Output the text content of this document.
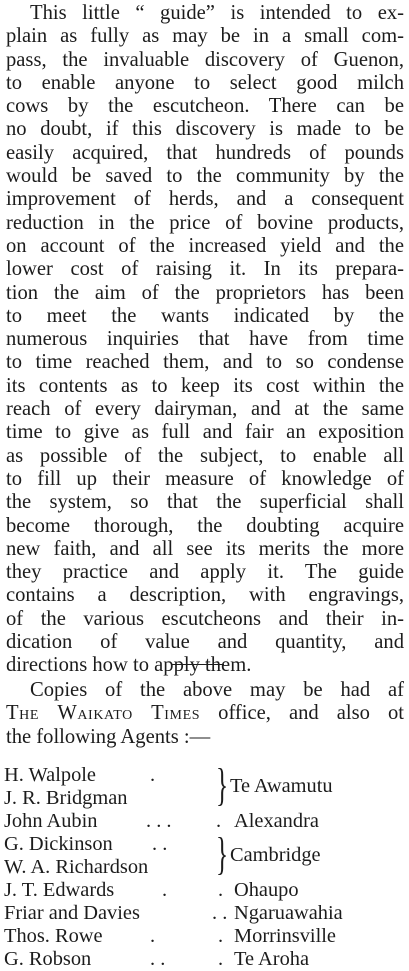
This little “ guide” is intended to ex-
plain as fully as may be in a small com-
pass, the invaluable discovery of Guenon,
to enable anyone to select good milch
cows by the escutcheon. There can be
no doubt, if this discovery is made to be
easily acquired, that hundreds of pounds
would be saved to the community by the
improvement of herds, and a consequent
reduction in the price of bovine products,
on account of the increased yield and the
lower cost of raising it. In its prepara-
tion the aim of the proprietors has been
to meet the wants indicated by the
numerous inquiries that have from time
to time reached them, and to so condense
its contents as to keep its cost within the
reach of every dairyman, and at the same
time to give as full and fair an exposition
as possible of the subject, to enable all
to fill up their measure of knowledge of
the system, so that the superficial shall
become thorough, the doubting acquire
new faith, and all see its merits the more
they practice and apply it. The guide
contains a description, with engravings,
of the various escutcheons and their in-
dication of value and quantity, and
directions how to apply them.
Copies of the above may be had af
The Waikato Times office, and also ot
the following Agents :—
H. Walpole	.
J. R. Bridgman } Te Awamutu
John Aubin . . . . Alexandra
G. Dickinson . .
W. A. Richardson } Cambridge
J. T. Edwards . . Ohaupo
Friar and Davies	. . Ngaruawahia
Thos. Rowe .	. Morrinsville
G. Robson	. .	. Te Aroha
